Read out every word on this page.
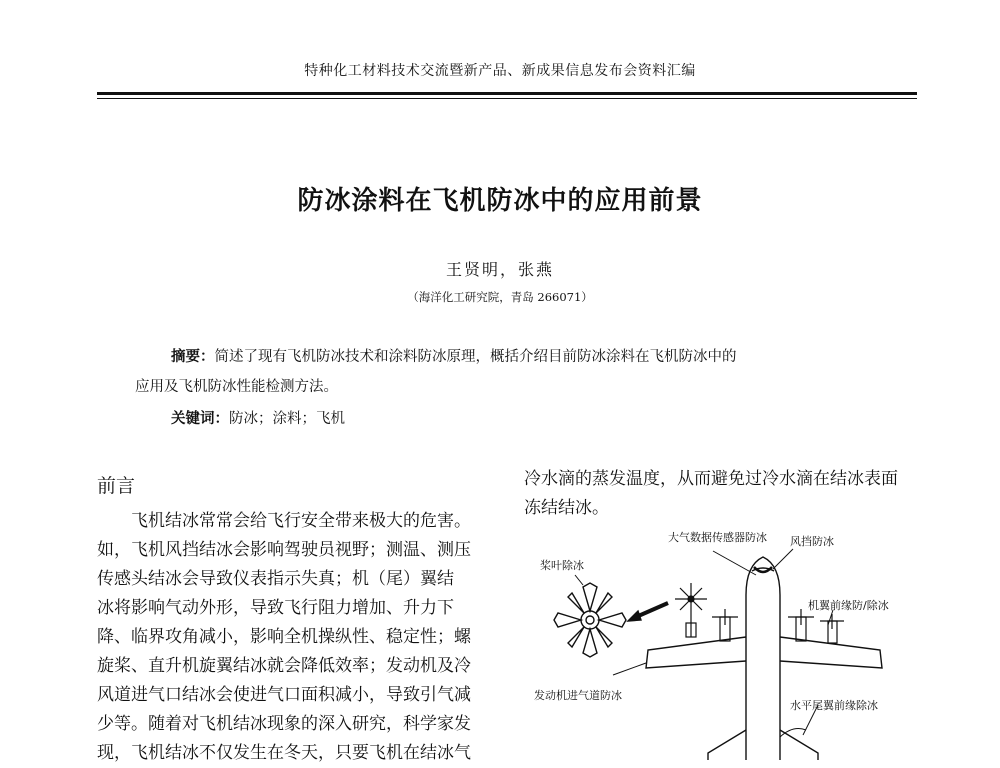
特种化工材料技术交流暨新产品、新成果信息发布会资料汇编
防冰涂料在飞机防冰中的应用前景
王贤明，张燕
（海洋化工研究院，青岛 266071）
摘要：简述了现有飞机防冰技术和涂料防冰原理，概括介绍目前防冰涂料在飞机防冰中的
应用及飞机防冰性能检测方法。
关键词：防冰；涂料；飞机
前言
　　飞机结冰常常会给飞行安全带来极大的危害。
如，飞机风挡结冰会影响驾驶员视野；测温、测压
传感头结冰会导致仪表指示失真；机（尾）翼结
冰将影响气动外形，导致飞行阻力增加、升力下
降、临界攻角减小，影响全机操纵性、稳定性；螺
旋桨、直升机旋翼结冰就会降低效率；发动机及冷
风道进气口结冰会使进气口面积减小，导致引气减
少等。随着对飞机结冰现象的深入研究，科学家发
现，飞机结冰不仅发生在冬天，只要飞机在结冰气
冷水滴的蒸发温度，从而避免过冷水滴在结冰表面
冻结结冰。
大气数据传感器防冰 风挡防冰
桨叶除冰
机翼前缘防/除冰
发动机进气道防冰
水平尾翼前缘除冰
